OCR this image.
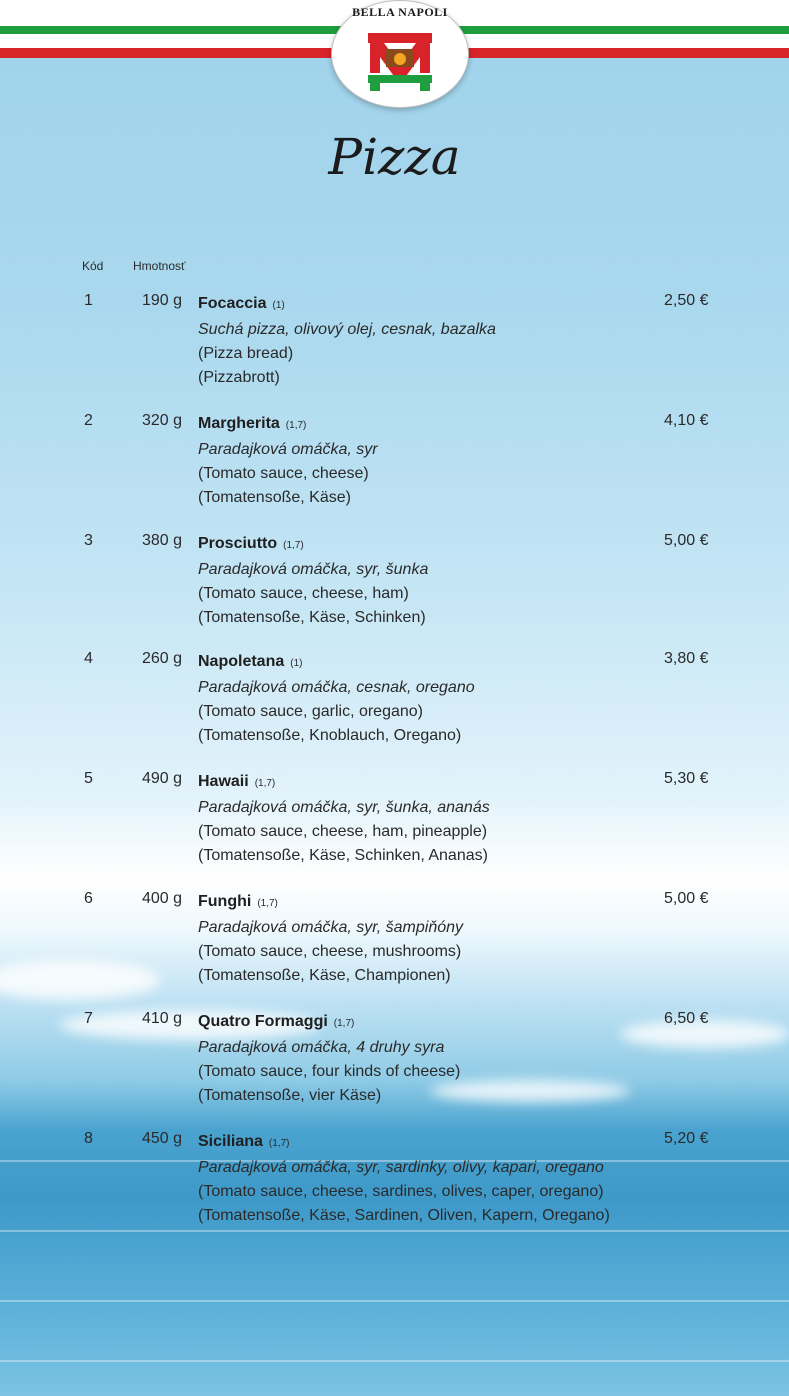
BELLA NAPOLI
Pizza
Kód Hmotnosť
1	190 g Focaccia (1)
Suchá pizza, olivový olej, cesnak, bazalka
(Pizza bread)
(Pizzabrott)
2,50 €
2	320 g Margherita (1,7)
Paradajková omáčka, syr
(Tomato sauce, cheese)
(Tomatensoße, Käse)
4,10 €
3	380 g Prosciutto (1,7)
Paradajková omáčka, syr, šunka
(Tomato sauce, cheese, ham)
(Tomatensoße, Käse, Schinken)
5,00 €
4	260 g Napoletana (1)
Paradajková omáčka, cesnak, oregano
(Tomato sauce, garlic, oregano)
(Tomatensoße, Knoblauch, Oregano)
3,80 €
5	490 g Hawaii (1,7)
Paradajková omáčka, syr, šunka, ananás
(Tomato sauce, cheese, ham, pineapple)
(Tomatensoße, Käse, Schinken, Ananas)
5,30 €
6	400 g Funghi (1,7)
Paradajková omáčka, syr, šampiňóny
(Tomato sauce, cheese, mushrooms)
(Tomatensoße, Käse, Championen)
5,00 €
7	410 g Quatro Formaggi (1,7)
Paradajková omáčka, 4 druhy syra
(Tomato sauce, four kinds of cheese)
(Tomatensoße, vier Käse)
6,50 €
8	450 g Siciliana (1,7)
Paradajková omáčka, syr, sardinky, olivy, kapari, oregano
(Tomato sauce, cheese, sardines, olives, caper, oregano)
(Tomatensoße, Käse, Sardinen, Oliven, Kapern, Oregano)
5,20 €
